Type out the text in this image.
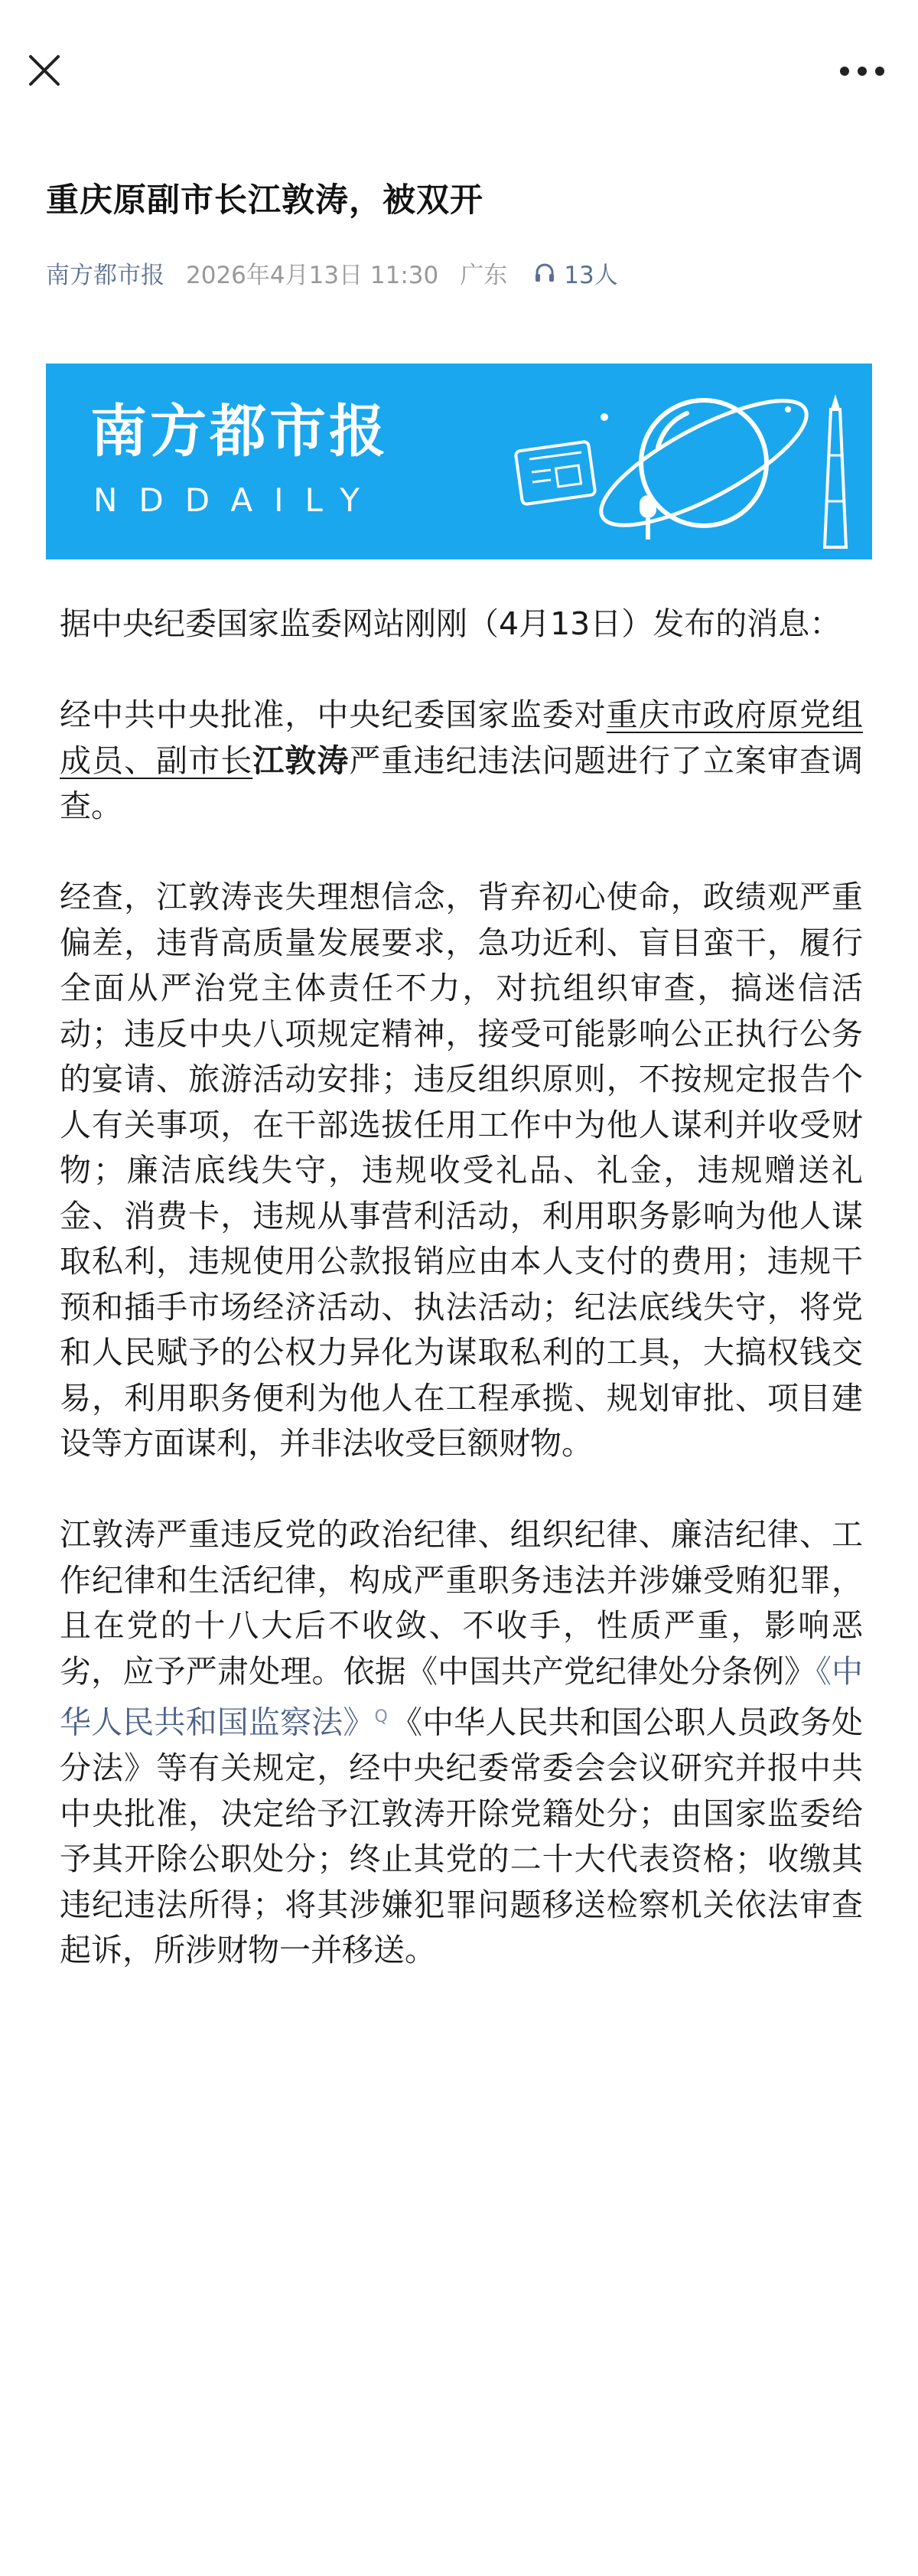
重庆原副市长江敦涛，被双开
南方都市报 2026年4月13日 11:30 广东 13人
南方都市报
NDDAILY

据中央纪委国家监委网站刚刚（4月13日）发布的消息：

经中共中央批准，中央纪委国家监委对重庆市政府原党组成员、副市长江敦涛严重违纪违法问题进行了立案审查调查。

经查，江敦涛丧失理想信念，背弃初心使命，政绩观严重偏差，违背高质量发展要求，急功近利、盲目蛮干，履行全面从严治党主体责任不力，对抗组织审查，搞迷信活动；违反中央八项规定精神，接受可能影响公正执行公务的宴请、旅游活动安排；违反组织原则，不按规定报告个人有关事项，在干部选拔任用工作中为他人谋利并收受财物；廉洁底线失守，违规收受礼品、礼金，违规赠送礼金、消费卡，违规从事营利活动，利用职务影响为他人谋取私利，违规使用公款报销应由本人支付的费用；违规干预和插手市场经济活动、执法活动；纪法底线失守，将党和人民赋予的公权力异化为谋取私利的工具，大搞权钱交易，利用职务便利为他人在工程承揽、规划审批、项目建设等方面谋利，并非法收受巨额财物。

江敦涛严重违反党的政治纪律、组织纪律、廉洁纪律、工作纪律和生活纪律，构成严重职务违法并涉嫌受贿犯罪，且在党的十八大后不收敛、不收手，性质严重，影响恶劣，应予严肃处理。依据《中国共产党纪律处分条例》《中华人民共和国监察法》$^Q$《中华人民共和国公职人员政务处分法》等有关规定，经中央纪委常委会会议研究并报中共中央批准，决定给予江敦涛开除党籍处分；由国家监委给予其开除公职处分；终止其党的二十大代表资格；收缴其违纪违法所得；将其涉嫌犯罪问题移送检察机关依法审查起诉，所涉财物一并移送。
